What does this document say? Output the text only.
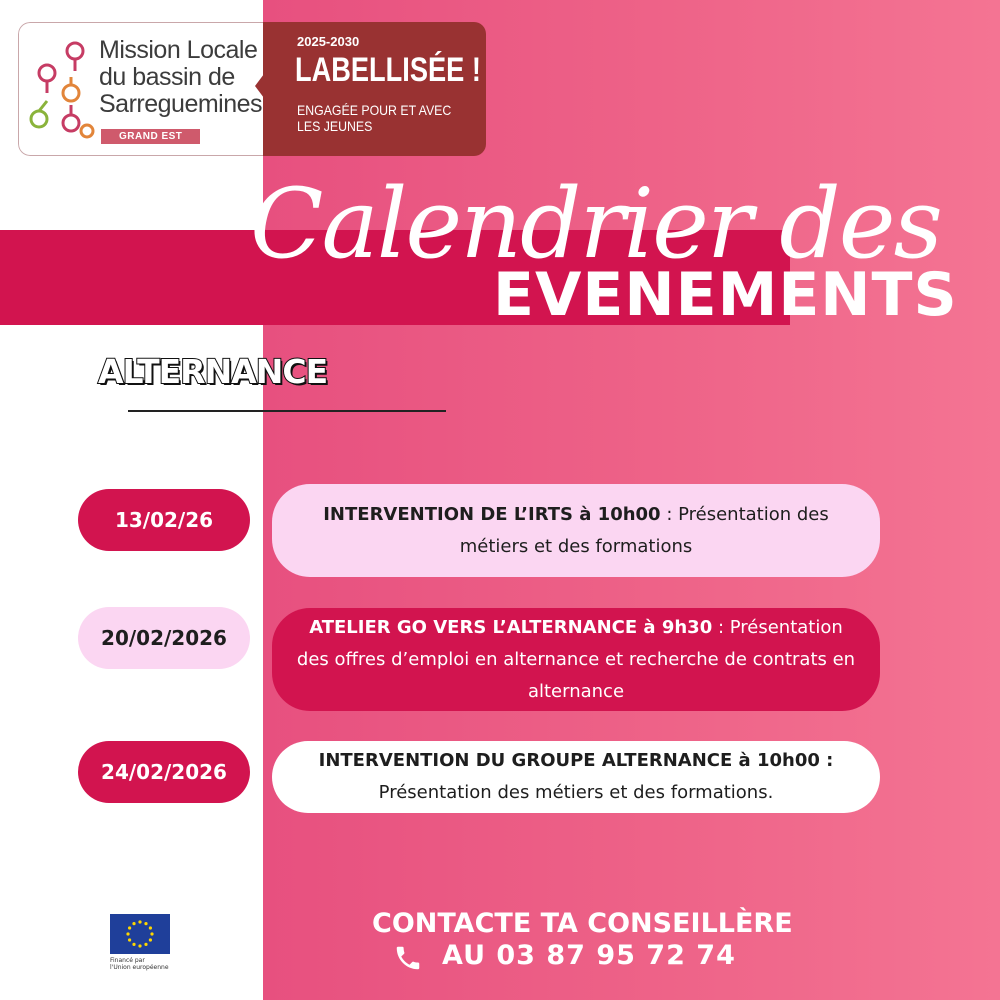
Mission Locale
du bassin de
Sarreguemines
GRAND EST
2025-2030
LABELLISÉE !
ENGAGÉE POUR ET AVEC
LES JEUNES
Calendrier des
EVENEMENTS
ALTERNANCE
13/02/26	INTERVENTION DE L’IRTS à 10h00 : Présentation des métiers et des formations
20/02/2026	ATELIER GO VERS L’ALTERNANCE à 9h30 : Présentation des offres d’emploi en alternance et recherche de contrats en alternance
24/02/2026	INTERVENTION DU GROUPE ALTERNANCE à 10h00 :
Présentation des métiers et des formations.
CONTACTE TA CONSEILLÈRE
AU 03 87 95 72 74
Financé par
l'Union européenne
